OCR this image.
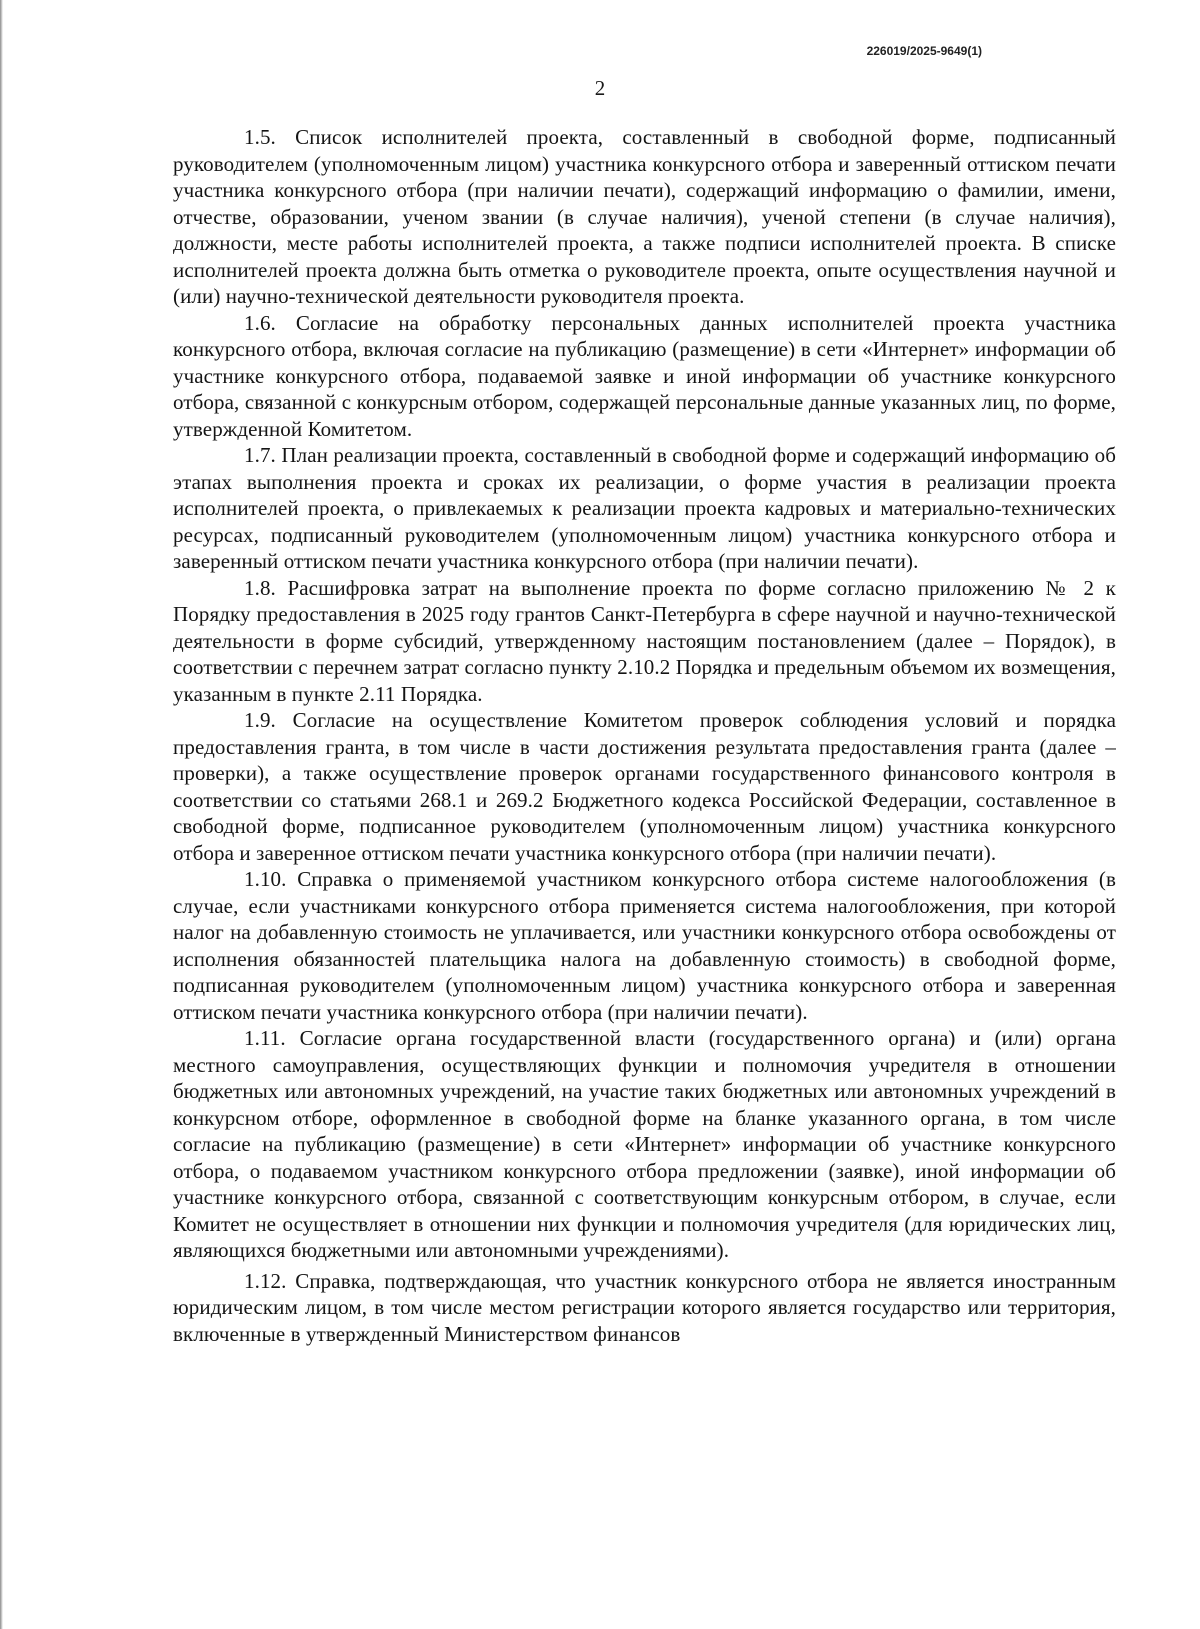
226019/2025-9649(1)
2

1.5. Список исполнителей проекта, составленный в свободной форме, подписанный руководителем (уполномоченным лицом) участника конкурсного отбора и заверенный оттиском печати участника конкурсного отбора (при наличии печати), содержащий информацию о фамилии, имени, отчестве, образовании, ученом звании (в случае наличия), ученой степени (в случае наличия), должности, месте работы исполнителей проекта, а также подписи исполнителей проекта. В списке исполнителей проекта должна быть отметка о руководителе проекта, опыте осуществления научной и (или) научно-технической деятельности руководителя проекта.

1.6. Согласие на обработку персональных данных исполнителей проекта участника конкурсного отбора, включая согласие на публикацию (размещение) в сети «Интернет» информации об участнике конкурсного отбора, подаваемой заявке и иной информации об участнике конкурсного отбора, связанной с конкурсным отбором, содержащей персональные данные указанных лиц, по форме, утвержденной Комитетом.

1.7. План реализации проекта, составленный в свободной форме и содержащий информацию об этапах выполнения проекта и сроках их реализации, о форме участия в реализации проекта исполнителей проекта, о привлекаемых к реализации проекта кадровых и материально-технических ресурсах, подписанный руководителем (уполномоченным лицом) участника конкурсного отбора и заверенный оттиском печати участника конкурсного отбора (при наличии печати).

1.8. Расшифровка затрат на выполнение проекта по форме согласно приложению № 2 к Порядку предоставления в 2025 году грантов Санкт-Петербурга в сфере научной и научно-технической деятельности в форме субсидий, утвержденному настоящим постановлением (далее – Порядок), в соответствии с перечнем затрат согласно пункту 2.10.2 Порядка и предельным объемом их возмещения, указанным в пункте 2.11 Порядка.

1.9. Согласие на осуществление Комитетом проверок соблюдения условий и порядка предоставления гранта, в том числе в части достижения результата предоставления гранта (далее – проверки), а также осуществление проверок органами государственного финансового контроля в соответствии со статьями 268.1 и 269.2 Бюджетного кодекса Российской Федерации, составленное в свободной форме, подписанное руководителем (уполномоченным лицом) участника конкурсного отбора и заверенное оттиском печати участника конкурсного отбора (при наличии печати).

1.10. Справка о применяемой участником конкурсного отбора системе налогообложения (в случае, если участниками конкурсного отбора применяется система налогообложения, при которой налог на добавленную стоимость не уплачивается, или участники конкурсного отбора освобождены от исполнения обязанностей плательщика налога на добавленную стоимость) в свободной форме, подписанная руководителем (уполномоченным лицом) участника конкурсного отбора и заверенная оттиском печати участника конкурсного отбора (при наличии печати).

1.11. Согласие органа государственной власти (государственного органа) и (или) органа местного самоуправления, осуществляющих функции и полномочия учредителя в отношении бюджетных или автономных учреждений, на участие таких бюджетных или автономных учреждений в конкурсном отборе, оформленное в свободной форме на бланке указанного органа, в том числе согласие на публикацию (размещение) в сети «Интернет» информации об участнике конкурсного отбора, о подаваемом участником конкурсного отбора предложении (заявке), иной информации об участнике конкурсного отбора, связанной с соответствующим конкурсным отбором, в случае, если Комитет не осуществляет в отношении них функции и полномочия учредителя (для юридических лиц, являющихся бюджетными или автономными учреждениями).

1.12. Справка, подтверждающая, что участник конкурсного отбора не является иностранным юридическим лицом, в том числе местом регистрации которого является государство или территория, включенные в утвержденный Министерством финансов
